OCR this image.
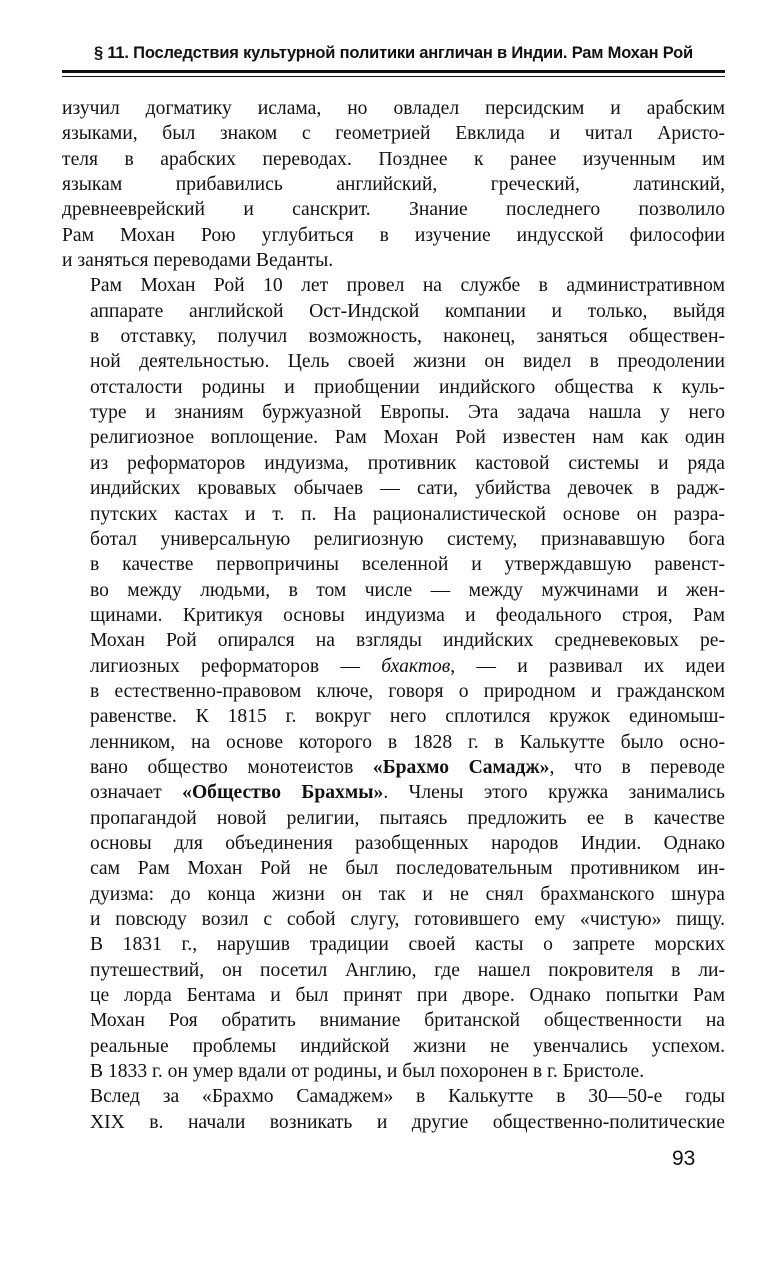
§ 11. Последствия культурной политики англичан в Индии. Рам Мохан Рой

изучил догматику ислама, но овладел персидским и арабским
языками, был знаком с геометрией Евклида и читал Аристо-
теля в арабских переводах. Позднее к ранее изученным им
языкам прибавились английский, греческий, латинский,
древнееврейский и санскрит. Знание последнего позволило
Рам Мохан Рою углубиться в изучение индусской философии
и заняться переводами Веданты.

Рам Мохан Рой 10 лет провел на службе в административном
аппарате английской Ост-Индской компании и только, выйдя
в отставку, получил возможность, наконец, заняться обществен-
ной деятельностью. Цель своей жизни он видел в преодолении
отсталости родины и приобщении индийского общества к куль-
туре и знаниям буржуазной Европы. Эта задача нашла у него
религиозное воплощение. Рам Мохан Рой известен нам как один
из реформаторов индуизма, противник кастовой системы и ряда
индийских кровавых обычаев — сати, убийства девочек в радж-
путских кастах и т. п. На рационалистической основе он разра-
ботал универсальную религиозную систему, признававшую бога
в качестве первопричины вселенной и утверждавшую равенст-
во между людьми, в том числе — между мужчинами и жен-
щинами. Критикуя основы индуизма и феодального строя, Рам
Мохан Рой опирался на взгляды индийских средневековых ре-
лигиозных реформаторов — бхактов, — и развивал их идеи
в естественно-правовом ключе, говоря о природном и гражданском
равенстве. К 1815 г. вокруг него сплотился кружок единомыш-
ленником, на основе которого в 1828 г. в Калькутте было осно-
вано общество монотеистов «Брахмо Самадж», что в переводе
означает «Общество Брахмы». Члены этого кружка занимались
пропагандой новой религии, пытаясь предложить ее в качестве
основы для объединения разобщенных народов Индии. Однако
сам Рам Мохан Рой не был последовательным противником ин-
дуизма: до конца жизни он так и не снял брахманского шнура
и повсюду возил с собой слугу, готовившего ему «чистую» пищу.
В 1831 г., нарушив традиции своей касты о запрете морских
путешествий, он посетил Англию, где нашел покровителя в ли-
це лорда Бентама и был принят при дворе. Однако попытки Рам
Мохан Роя обратить внимание британской общественности на
реальные проблемы индийской жизни не увенчались успехом.
В 1833 г. он умер вдали от родины, и был похоронен в г. Бристоле.

Вслед за «Брахмо Самаджем» в Калькутте в 30—50-е годы
XIX в. начали возникать и другие общественно-политические

93
